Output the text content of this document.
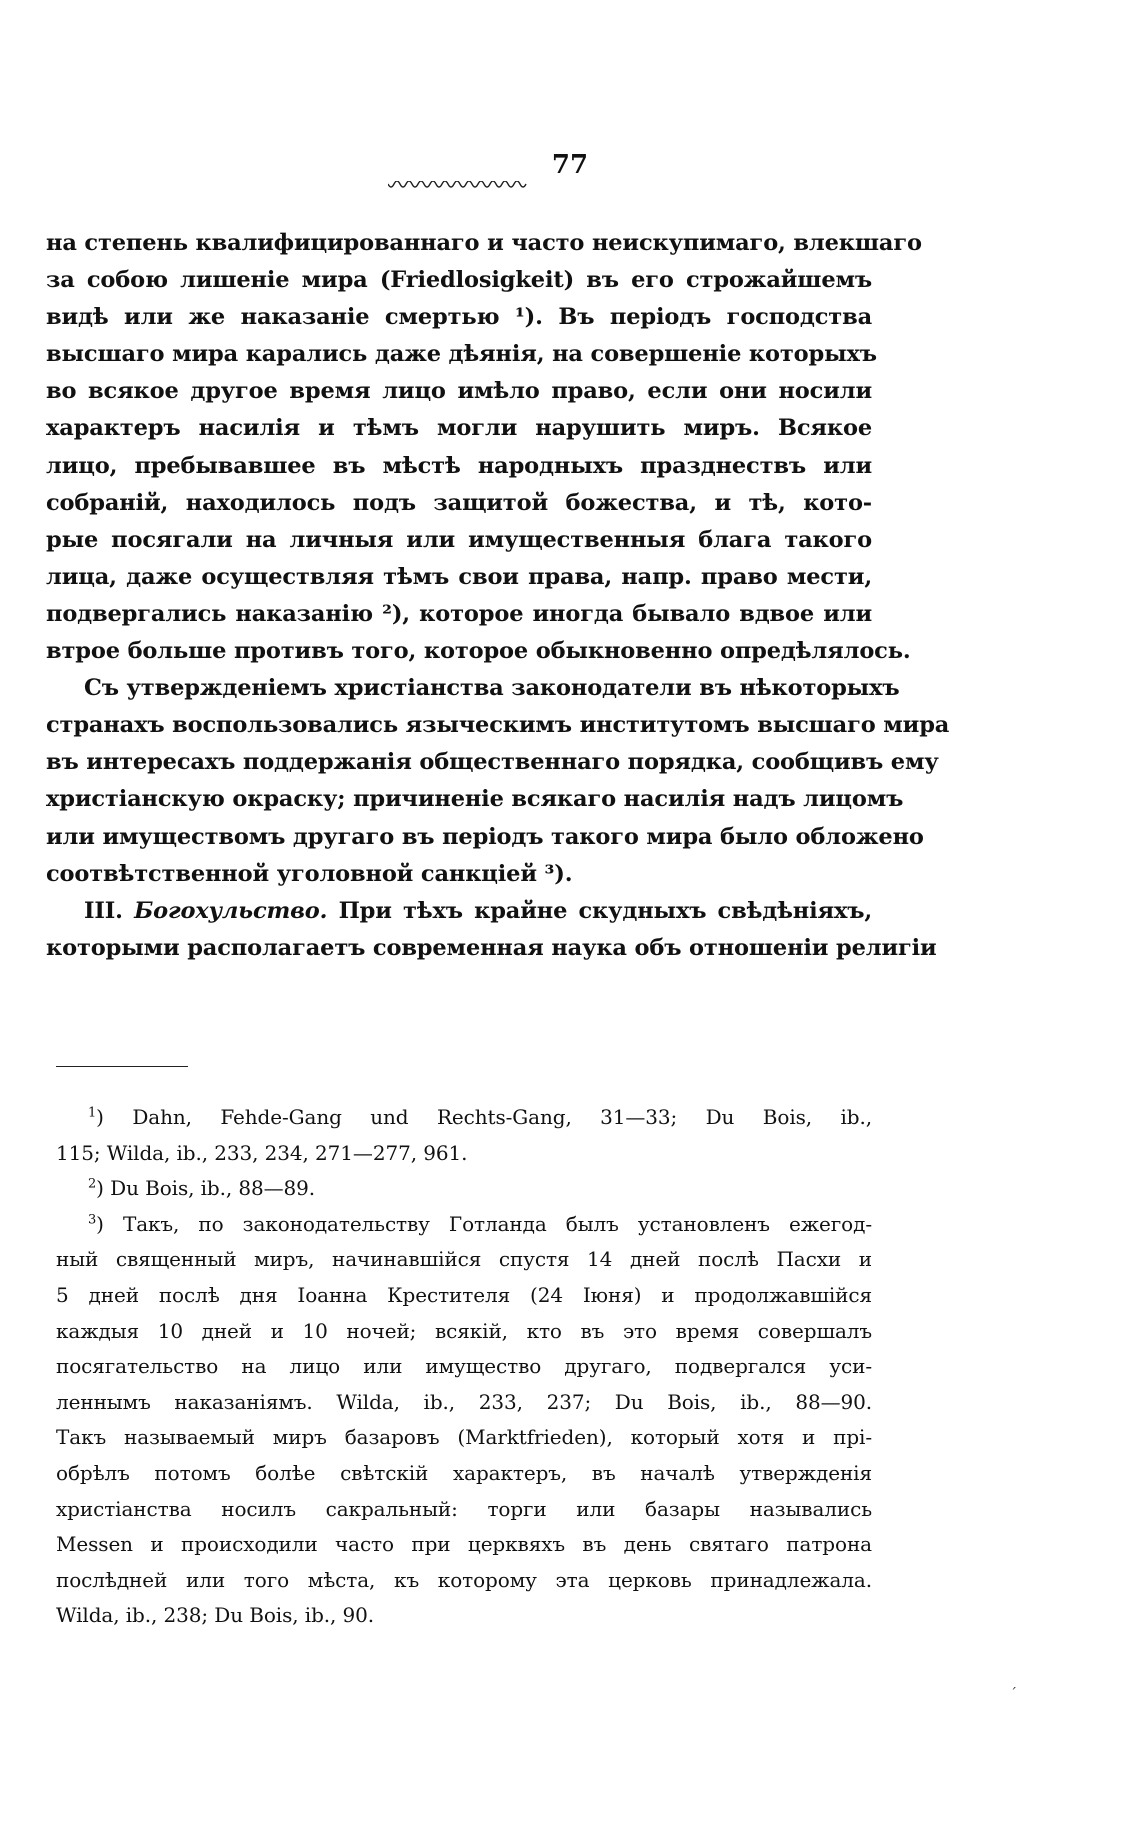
77

на степень квалифицированнаго и часто неискупимаго, влекшаго
за собою лишеніе мира (Friedlosigkeit) въ его строжайшемъ
видѣ или же наказаніе смертью ¹). Въ періодъ господства
высшаго мира карались даже дѣянія, на совершеніе которыхъ
во всякое другое время лицо имѣло право, если они носили
характеръ насилія и тѣмъ могли нарушить миръ. Всякое
лицо, пребывавшее въ мѣстѣ народныхъ празднествъ или
собраній, находилось подъ защитой божества, и тѣ, кото-
рые посягали на личныя или имущественныя блага такого
лица, даже осуществляя тѣмъ свои права, напр. право мести,
подвергались наказанію ²), которое иногда бывало вдвое или
втрое больше противъ того, которое обыкновенно опредѣлялось.

Съ утвержденіемъ христіанства законодатели въ нѣкоторыхъ
странахъ воспользовались языческимъ институтомъ высшаго мира
въ интересахъ поддержанія общественнаго порядка, сообщивъ ему
христіанскую окраску; причиненіе всякаго насилія надъ лицомъ
или имуществомъ другаго въ періодъ такого мира было обложено
соотвѣтственной уголовной санкціей ³).

III. Богохульство. При тѣхъ крайне скудныхъ свѣдѣніяхъ,
которыми располагаетъ современная наука объ отношеніи религіи

$^1$) Dahn, Fehde-Gang und Rechts-Gang, 31—33; Du Bois, ib.,
115; Wilda, ib., 233, 234, 271—277, 961.
$^2$) Du Bois, ib., 88—89.
$^3$) Такъ, по законодательству Готланда былъ установленъ ежегод-
ный священный миръ, начинавшійся спустя 14 дней послѣ Пасхи и
5 дней послѣ дня Іоанна Крестителя (24 Іюня) и продолжавшійся
каждыя 10 дней и 10 ночей; всякій, кто въ это время совершалъ
посягательство на лицо или имущество другаго, подвергался уси-
леннымъ наказаніямъ. Wilda, ib., 233, 237; Du Bois, ib., 88—90.
Такъ называемый миръ базаровъ (Marktfrieden), который хотя и прі-
обрѣлъ потомъ болѣе свѣтскій характеръ, въ началѣ утвержденія
христіанства носилъ сакральный: торги или базары назывались
Messen и происходили часто при церквяхъ въ день святаго патрона
послѣдней или того мѣста, къ которому эта церковь принадлежала.
Wilda, ib., 238; Du Bois, ib., 90.
ˊ
